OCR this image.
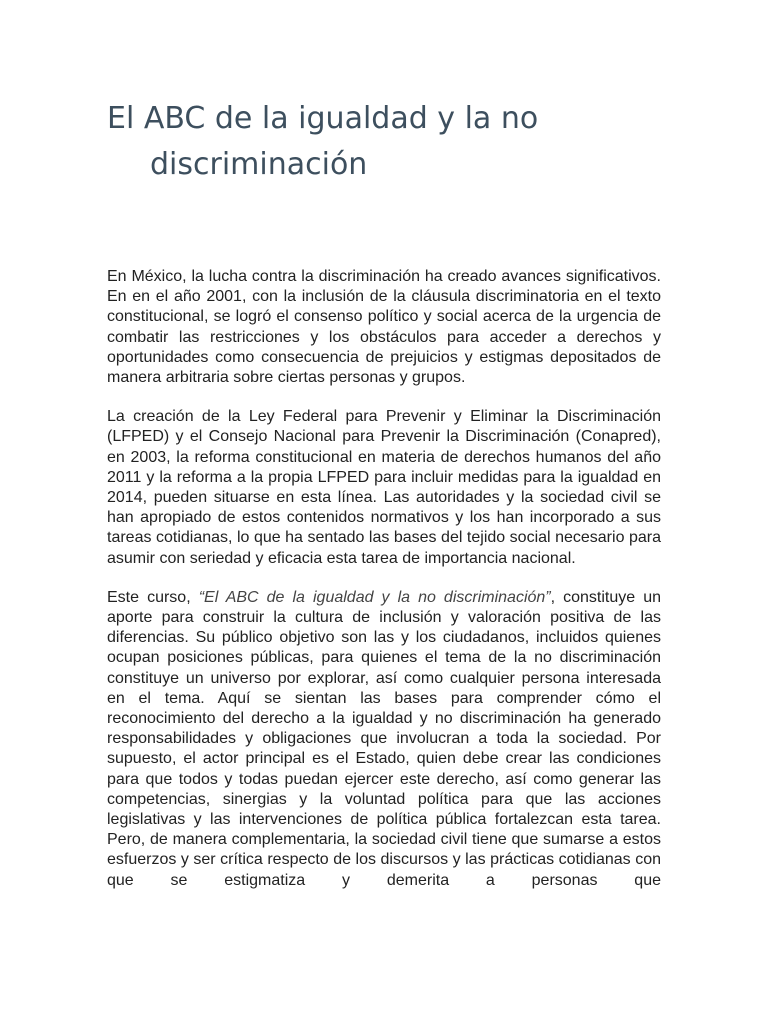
El ABC de la igualdad y la no
discriminación

En México, la lucha contra la discriminación ha creado avances significativos. En en el año 2001, con la inclusión de la cláusula discriminatoria en el texto constitucional, se logró el consenso político y social acerca de la urgencia de combatir las restricciones y los obstáculos para acceder a derechos y oportunidades como consecuencia de prejuicios y estigmas depositados de manera arbitraria sobre ciertas personas y grupos.

La creación de la Ley Federal para Prevenir y Eliminar la Discriminación (LFPED) y el Consejo Nacional para Prevenir la Discriminación (Conapred), en 2003, la reforma constitucional en materia de derechos humanos del año 2011 y la reforma a la propia LFPED para incluir medidas para la igualdad en 2014, pueden situarse en esta línea. Las autoridades y la sociedad civil se han apropiado de estos contenidos normativos y los han incorporado a sus tareas cotidianas, lo que ha sentado las bases del tejido social necesario para asumir con seriedad y eficacia esta tarea de importancia nacional.

Este curso, “El ABC de la igualdad y la no discriminación”, constituye un aporte para construir la cultura de inclusión y valoración positiva de las diferencias. Su público objetivo son las y los ciudadanos, incluidos quienes ocupan posiciones públicas, para quienes el tema de la no discriminación constituye un universo por explorar, así como cualquier persona interesada en el tema. Aquí se sientan las bases para comprender cómo el reconocimiento del derecho a la igualdad y no discriminación ha generado responsabilidades y obligaciones que involucran a toda la sociedad. Por supuesto, el actor principal es el Estado, quien debe crear las condiciones para que todos y todas puedan ejercer este derecho, así como generar las competencias, sinergias y la voluntad política para que las acciones legislativas y las intervenciones de política pública fortalezcan esta tarea. Pero, de manera complementaria, la sociedad civil tiene que sumarse a estos esfuerzos y ser crítica respecto de los discursos y las prácticas cotidianas con que se estigmatiza y demerita a personas que
